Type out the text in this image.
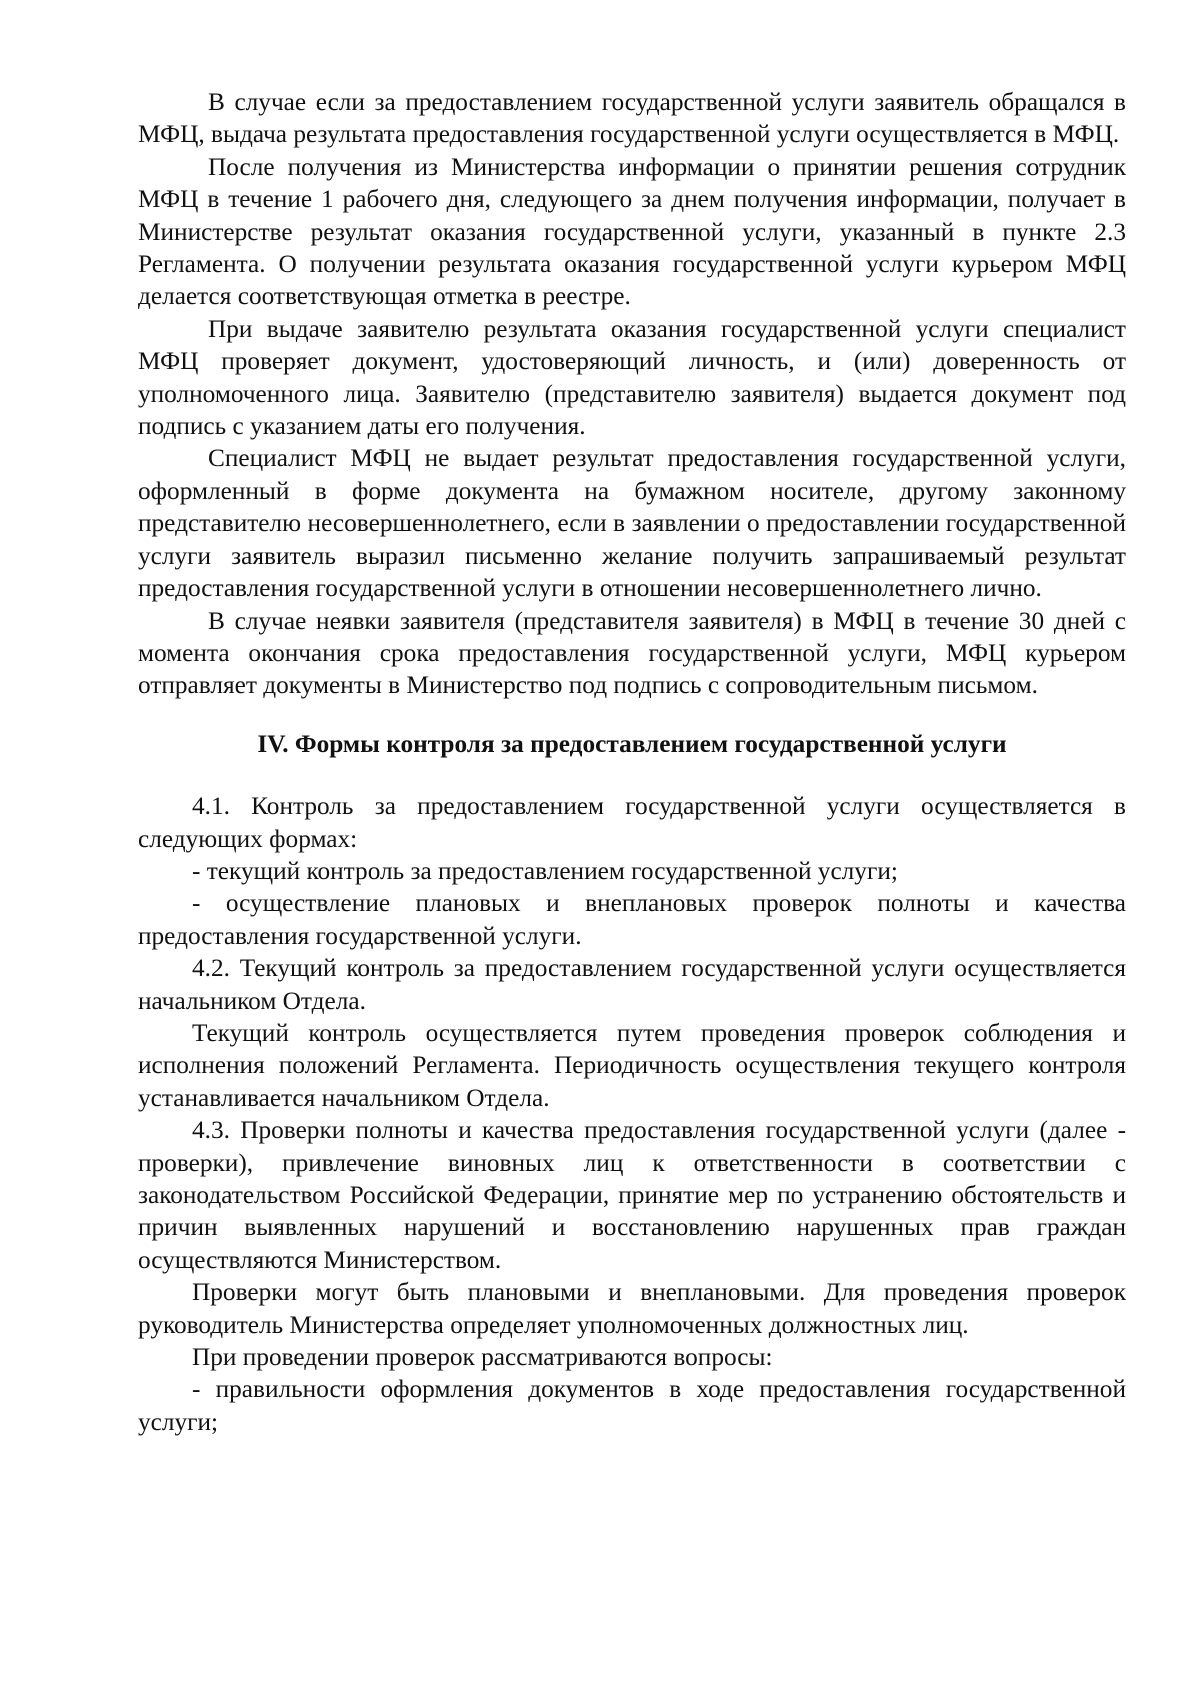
В случае если за предоставлением государственной услуги заявитель обращался в МФЦ, выдача результата предоставления государственной услуги осуществляется в МФЦ.

После получения из Министерства информации о принятии решения сотрудник МФЦ в течение 1 рабочего дня, следующего за днем получения информации, получает в Министерстве результат оказания государственной услуги, указанный в пункте 2.3 Регламента. О получении результата оказания государственной услуги курьером МФЦ делается соответствующая отметка в реестре.

При выдаче заявителю результата оказания государственной услуги специалист МФЦ проверяет документ, удостоверяющий личность, и (или) доверенность от уполномоченного лица. Заявителю (представителю заявителя) выдается документ под подпись с указанием даты его получения.

Специалист МФЦ не выдает результат предоставления государственной услуги, оформленный в форме документа на бумажном носителе, другому законному представителю несовершеннолетнего, если в заявлении о предоставлении государственной услуги заявитель выразил письменно желание получить запрашиваемый результат предоставления государственной услуги в отношении несовершеннолетнего лично.

В случае неявки заявителя (представителя заявителя) в МФЦ в течение 30 дней с момента окончания срока предоставления государственной услуги, МФЦ курьером отправляет документы в Министерство под подпись с сопроводительным письмом.

IV. Формы контроля за предоставлением государственной услуги

4.1. Контроль за предоставлением государственной услуги осуществляется в следующих формах:

- текущий контроль за предоставлением государственной услуги;

- осуществление плановых и внеплановых проверок полноты и качества предоставления государственной услуги.

4.2. Текущий контроль за предоставлением государственной услуги осуществляется начальником Отдела.

Текущий контроль осуществляется путем проведения проверок соблюдения и исполнения положений Регламента. Периодичность осуществления текущего контроля устанавливается начальником Отдела.

4.3. Проверки полноты и качества предоставления государственной услуги (далее - проверки), привлечение виновных лиц к ответственности в соответствии с законодательством Российской Федерации, принятие мер по устранению обстоятельств и причин выявленных нарушений и восстановлению нарушенных прав граждан осуществляются Министерством.

Проверки могут быть плановыми и внеплановыми. Для проведения проверок руководитель Министерства определяет уполномоченных должностных лиц.

При проведении проверок рассматриваются вопросы:

- правильности оформления документов в ходе предоставления государственной услуги;
